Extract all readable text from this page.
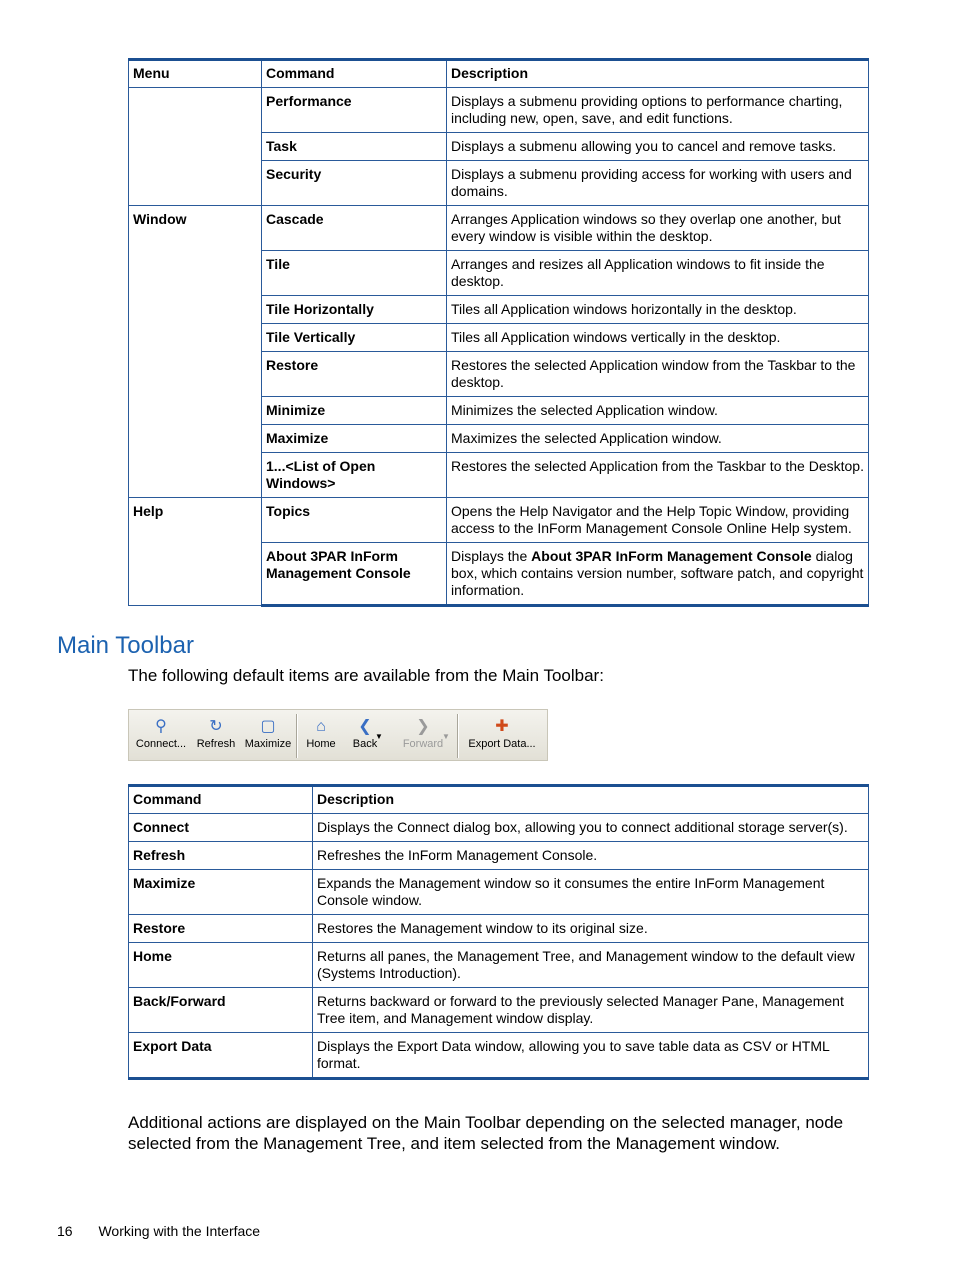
Menu	Command	Description
	Performance	Displays a submenu providing options to performance charting, including new, open, save, and edit functions.
	Task	Displays a submenu allowing you to cancel and remove tasks.
	Security	Displays a submenu providing access for working with users and domains.
Window	Cascade	Arranges Application windows so they overlap one another, but every window is visible within the desktop.
	Tile	Arranges and resizes all Application windows to fit inside the desktop.
	Tile Horizontally	Tiles all Application windows horizontally in the desktop.
	Tile Vertically	Tiles all Application windows vertically in the desktop.
	Restore	Restores the selected Application window from the Taskbar to the desktop.
	Minimize	Minimizes the selected Application window.
	Maximize	Maximizes the selected Application window.
	1...<List of Open Windows>	Restores the selected Application from the Taskbar to the Desktop.
Help	Topics	Opens the Help Navigator and the Help Topic Window, providing access to the InForm Management Console Online Help system.
	About 3PAR InForm Management Console	Displays the About 3PAR InForm Management Console dialog box, which contains version number, software patch, and copyright information.
Main Toolbar
The following default items are available from the Main Toolbar:
⚲
Connect...
↻
Refresh
▢
Maximize
⌂
Home
❮
Back
▼
❯
Forward
▼
✚
Export Data...
Command	Description
Connect	Displays the Connect dialog box, allowing you to connect additional storage server(s).
Refresh	Refreshes the InForm Management Console.
Maximize	Expands the Management window so it consumes the entire InForm Management Console window.
Restore	Restores the Management window to its original size.
Home	Returns all panes, the Management Tree, and Management window to the default view (Systems Introduction).
Back/Forward	Returns backward or forward to the previously selected Manager Pane, Management Tree item, and Management window display.
Export Data	Displays the Export Data window, allowing you to save table data as CSV or HTML format.
Additional actions are displayed on the Main Toolbar depending on the selected manager, node selected from the Management Tree, and item selected from the Management window.
16 Working with the Interface
